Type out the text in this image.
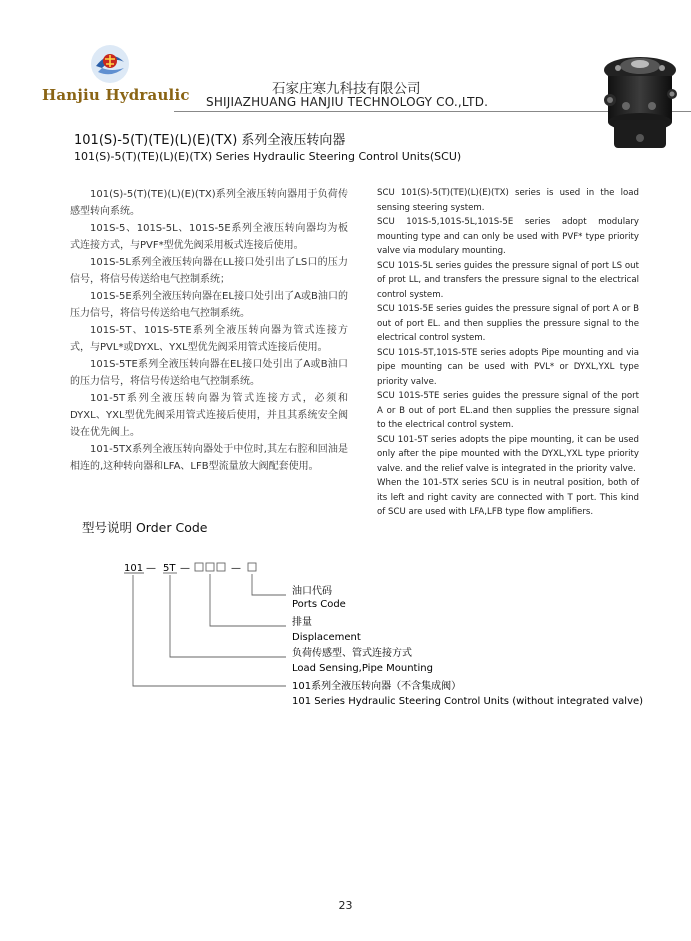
Hanjiu Hydraulic	石家庄寒九科技有限公司
SHIJIAZHUANG HANJIU TECHNOLOGY CO.,LTD.
101(S)-5(T)(TE)(L)(E)(TX) 系列全液压转向器
101(S)-5(T)(TE)(L)(E)(TX) Series Hydraulic Steering Control Units(SCU)

101(S)-5(T)(TE)(L)(E)(TX)系列全液压转向器用于负荷传感型转向系统。

101S-5、101S-5L、101S-5E系列全液压转向器均为板式连接方式，与PVF*型优先阀采用板式连接后使用。

101S-5L系列全液压转向器在LL接口处引出了LS口的压力信号，将信号传送给电气控制系统；

101S-5E系列全液压转向器在EL接口处引出了A或B油口的压力信号，将信号传送给电气控制系统。

101S-5T、101S-5TE系列全液压转向器为管式连接方式，与PVL*或DYXL、YXL型优先阀采用管式连接后使用。

101S-5TE系列全液压转向器在EL接口处引出了A或B油口的压力信号，将信号传送给电气控制系统。

101-5T系列全液压转向器为管式连接方式，必须和DYXL、YXL型优先阀采用管式连接后使用，并且其系统安全阀设在优先阀上。

101-5TX系列全液压转向器处于中位时,其左右腔和回油是相连的,这种转向器和LFA、LFB型流量放大阀配套使用。

SCU 101(S)-5(T)(TE)(L)(E)(TX) series is used in the load sensing steering system.

SCU 101S-5,101S-5L,101S-5E series adopt modulary mounting type and can only be used with PVF* type priority valve via modulary mounting.

SCU 101S-5L series guides the pressure signal of port LS out of prot LL, and transfers the pressure signal to the electrical control system.

SCU 101S-5E series guides the pressure signal of port A or B out of port EL. and then supplies the pressure signal to the electrical control system.

SCU 101S-5T,101S-5TE series adopts Pipe mounting and via pipe mounting can be used with PVL* or DYXL,YXL type priority valve.

SCU 101S-5TE series guides the pressure signal of the port A or B out of port EL.and then supplies the pressure signal to the electrical control system.

SCU 101-5T series adopts the pipe mounting, it can be used only after the pipe mounted with the DYXL,YXL type priority valve. and the relief valve is integrated in the priority valve.

When the 101-5TX series SCU is in neutral position, both of its left and right cavity are connected with T port. This kind of SCU are used with LFA,LFB type flow amplifiers.

型号说明 Order Code
101 — 5T —	—
油口代码
Ports Code
排量
Displacement
负荷传感型、管式连接方式
Load Sensing,Pipe Mounting
101系列全液压转向器（不含集成阀）
101 Series Hydraulic Steering Control Units (without integrated valve)
23
